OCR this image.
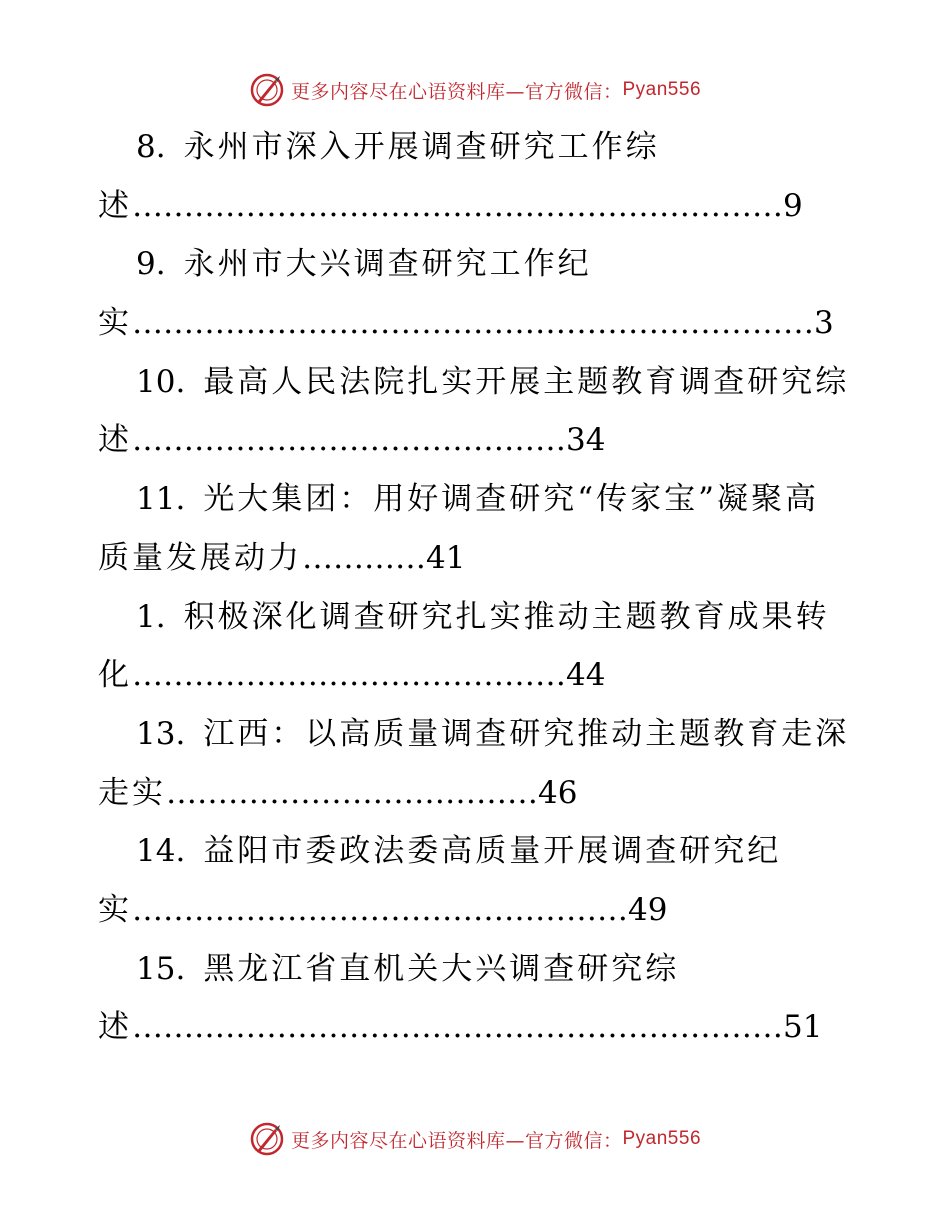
更多内容尽在心语资料库—官方微信： Pyan556
8. 永州市深入开展调查研究工作综
述………………………………………………………9
9. 永州市大兴调查研究工作纪
实…………………………………………………………3
10. 最高人民法院扎实开展主题教育调查研究综
述……………………………………34
11. 光大集团：用好调查研究“传家宝”凝聚高
质量发展动力…………41
1. 积极深化调查研究扎实推动主题教育成果转
化……………………………………44
13. 江西：以高质量调查研究推动主题教育走深
走实………………………………46
14. 益阳市委政法委高质量开展调查研究纪
实…………………………………………49
15. 黑龙江省直机关大兴调查研究综
述………………………………………………………51
更多内容尽在心语资料库—官方微信： Pyan556
